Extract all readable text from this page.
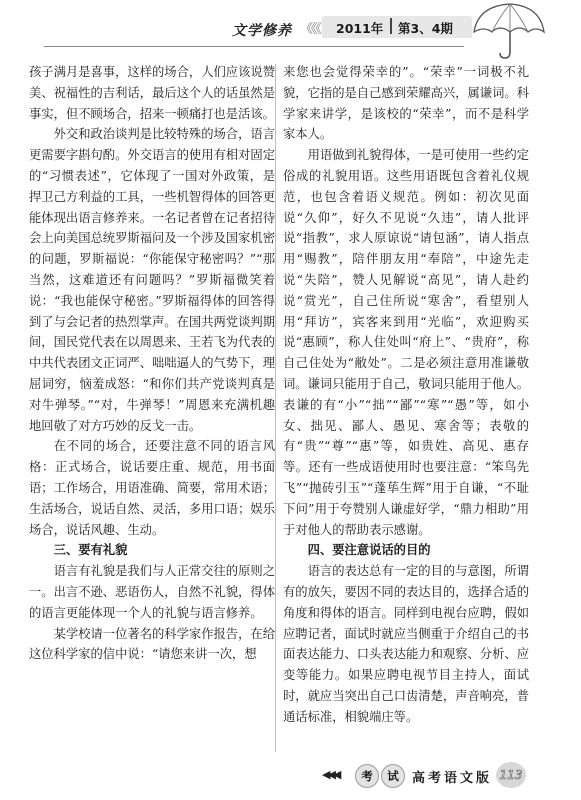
文学修养 《《《 2011年 第3、4期

孩子满月是喜事，这样的场合，人们应该说赞美、祝福性的吉利话，最后这个人的话虽然是事实，但不顾场合，招来一顿痛打也是活该。

外交和政治谈判是比较特殊的场合，语言更需要字斟句酌。外交语言的使用有相对固定的“习惯表述”，它体现了一国对外政策，是捍卫己方利益的工具，一些机智得体的回答更能体现出语言修养来。一名记者曾在记者招待会上向美国总统罗斯福问及一个涉及国家机密的问题，罗斯福说：“你能保守秘密吗？”“那当然，这难道还有问题吗？”罗斯福微笑着说：“我也能保守秘密。”罗斯福得体的回答得到了与会记者的热烈掌声。在国共两党谈判期间，国民党代表在以周恩来、王若飞为代表的中共代表团文正词严、咄咄逼人的气势下，理屈词穷，恼羞成怒：“和你们共产党谈判真是对牛弹琴。”“对，牛弹琴！”周恩来充满机趣地回敬了对方巧妙的反戈一击。

在不同的场合，还要注意不同的语言风格：正式场合，说话要庄重、规范，用书面语；工作场合，用语准确、简要，常用术语；生活场合，说话自然、灵活，多用口语；娱乐场合，说话风趣、生动。

三、要有礼貌

语言有礼貌是我们与人正常交往的原则之一。出言不逊、恶语伤人，自然不礼貌，得体的语言更能体现一个人的礼貌与语言修养。

某学校请一位著名的科学家作报告，在给这位科学家的信中说：“请您来讲一次，想

来您也会觉得荣幸的”。“荣幸”一词极不礼貌，它指的是自己感到荣耀高兴，属谦词。科学家来讲学，是该校的“荣幸”，而不是科学家本人。

用语做到礼貌得体，一是可使用一些约定俗成的礼貌用语。这些用语既包含着礼仪规范，也包含着语义规范。例如：初次见面说“久仰”，好久不见说“久违”，请人批评说“指教”，求人原谅说“请包涵”，请人指点用“赐教”，陪伴朋友用“奉陪”，中途先走说“失陪”，赞人见解说“高见”，请人赴约说“赏光”，自己住所说“寒舍”，看望别人用“拜访”，宾客来到用“光临”，欢迎购买说“惠顾”，称人住处叫“府上”、“贵府”，称自己住处为“敝处”。二是必须注意用准谦敬词。谦词只能用于自己，敬词只能用于他人。表谦的有“小”“拙”“鄙”“寒”“愚”等，如小女、拙见、鄙人、愚见、寒舍等；表敬的有“贵”“尊”“惠”等，如贵姓、高见、惠存等。还有一些成语使用时也要注意：“笨鸟先飞”“抛砖引玉”“蓬荜生辉”用于自谦，“不耻下问”用于夸赞别人谦虚好学，“鼎力相助”用于对他人的帮助表示感谢。

四、要注意说话的目的

语言的表达总有一定的目的与意图，所谓有的放矢，要因不同的表达目的，选择合适的角度和得体的语言。同样到电视台应聘，假如应聘记者，面试时就应当侧重于介绍自己的书面表达能力、口头表达能力和观察、分析、应变等能力。如果应聘电视节目主持人，面试时，就应当突出自己口齿清楚，声音响亮，普通话标准，相貌端庄等。

◀◀◀	考	试	高考语文版 113
